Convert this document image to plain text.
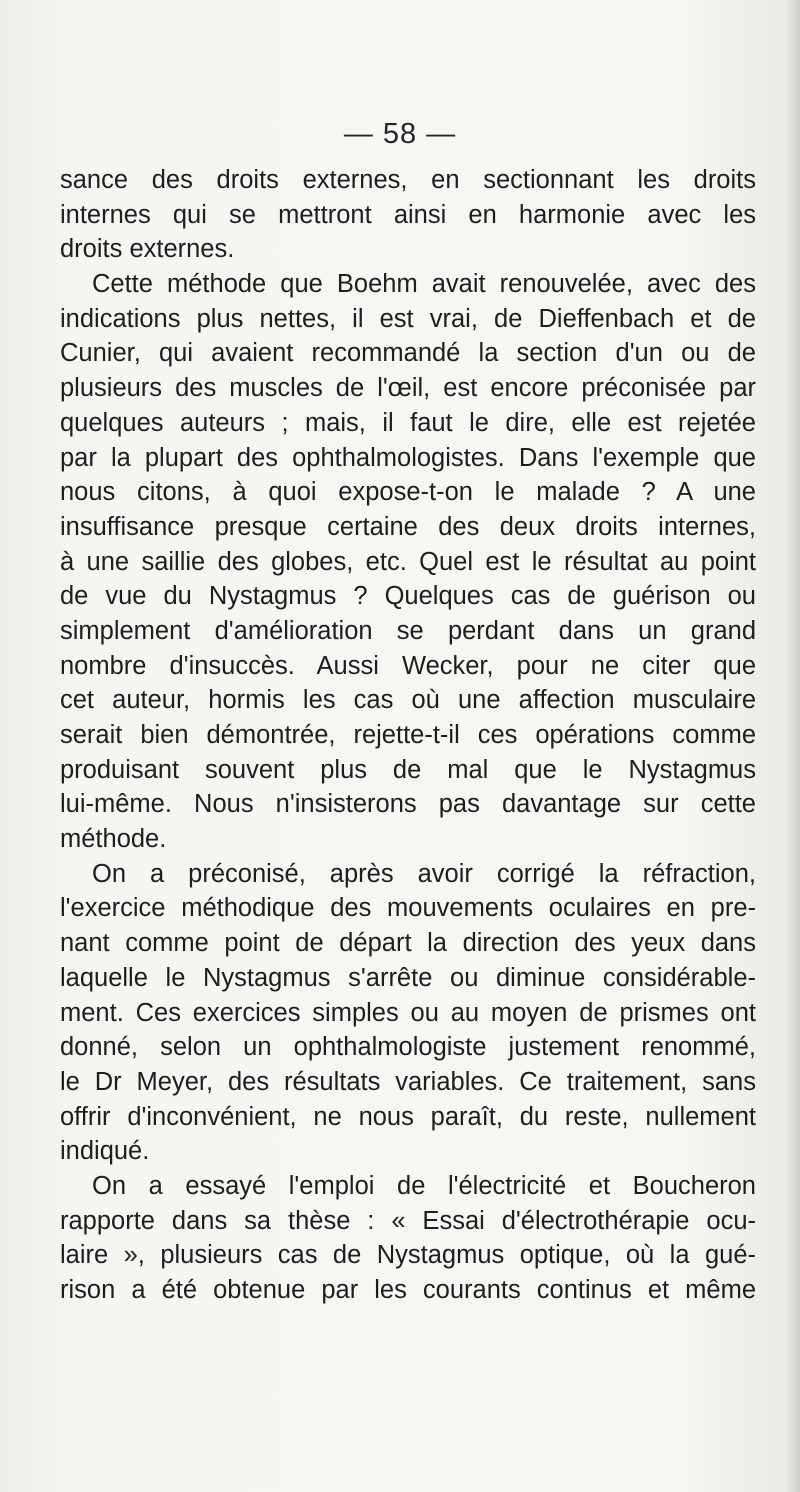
— 58 —
sance des droits externes, en sectionnant les droits
internes qui se mettront ainsi en harmonie avec les
droits externes.
Cette méthode que Boehm avait renouvelée, avec des
indications plus nettes, il est vrai, de Dieffenbach et de
Cunier, qui avaient recommandé la section d'un ou de
plusieurs des muscles de l'œil, est encore préconisée par
quelques auteurs ; mais, il faut le dire, elle est rejetée
par la plupart des ophthalmologistes. Dans l'exemple que
nous citons, à quoi expose-t-on le malade ? A une
insuffisance presque certaine des deux droits internes,
à une saillie des globes, etc. Quel est le résultat au point
de vue du Nystagmus ? Quelques cas de guérison ou
simplement d'amélioration se perdant dans un grand
nombre d'insuccès. Aussi Wecker, pour ne citer que
cet auteur, hormis les cas où une affection musculaire
serait bien démontrée, rejette-t-il ces opérations comme
produisant souvent plus de mal que le Nystagmus
lui-même. Nous n'insisterons pas davantage sur cette
méthode.
On a préconisé, après avoir corrigé la réfraction,
l'exercice méthodique des mouvements oculaires en pre-
nant comme point de départ la direction des yeux dans
laquelle le Nystagmus s'arrête ou diminue considérable-
ment. Ces exercices simples ou au moyen de prismes ont
donné, selon un ophthalmologiste justement renommé,
le Dr Meyer, des résultats variables. Ce traitement, sans
offrir d'inconvénient, ne nous paraît, du reste, nullement
indiqué.
On a essayé l'emploi de l'électricité et Boucheron
rapporte dans sa thèse : « Essai d'électrothérapie ocu-
laire », plusieurs cas de Nystagmus optique, où la gué-
rison a été obtenue par les courants continus et même
